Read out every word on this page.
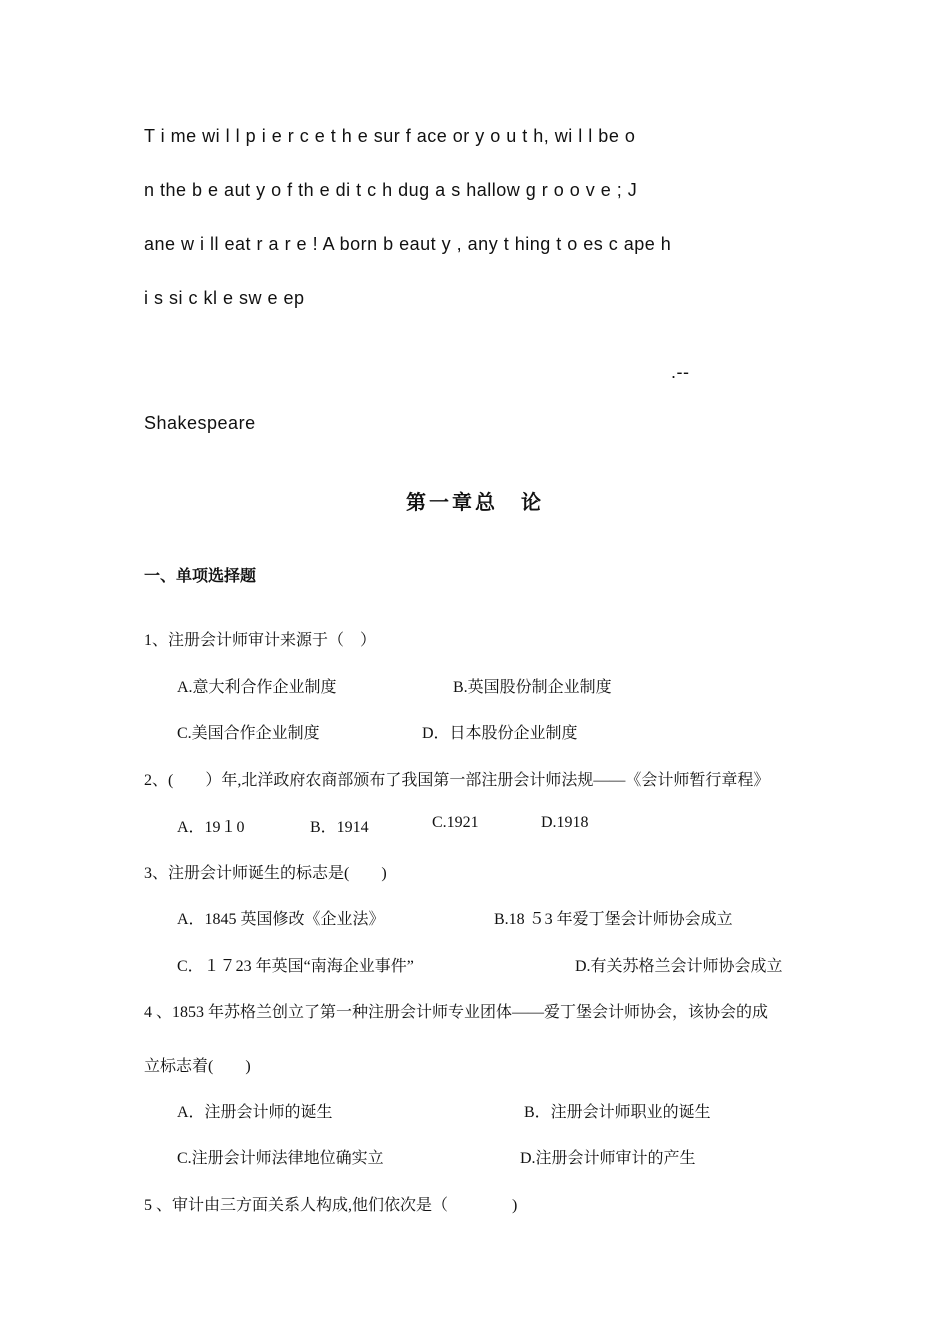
T i me wi l l p i e r c e t h e sur f ace or y o u t h, wi l l be o
n the b e aut y o f th e di t c h dug a s hallow g r o o v e ; J
ane w i ll eat r a r e ! A born b eaut y , any t hing t o es c ape h
i s si c kl e sw e ep
.--
Shakespeare
第一章总　论
一、单项选择题
1、注册会计师审计来源于（　）
A.意大利合作企业制度	B.英国股份制企业制度
C.美国合作企业制度	D．日本股份企业制度
2、(　　）年,北洋政府农商部颁布了我国第一部注册会计师法规——《会计师暂行章程》
A．19１0	B．1914	C.1921	D.1918
3、注册会计师诞生的标志是(　　)
A．1845 英国修改《企业法》	B.18 ５3 年爱丁堡会计师协会成立
C．１７23 年英国“南海企业事件”	D.有关苏格兰会计师协会成立
4 、1853 年苏格兰创立了第一种注册会计师专业团体——爱丁堡会计师协会，该协会的成
立标志着(　　)
A．注册会计师的诞生	B．注册会计师职业的诞生
C.注册会计师法律地位确实立	D.注册会计师审计的产生
5 、审计由三方面关系人构成,他们依次是（　　　　)
